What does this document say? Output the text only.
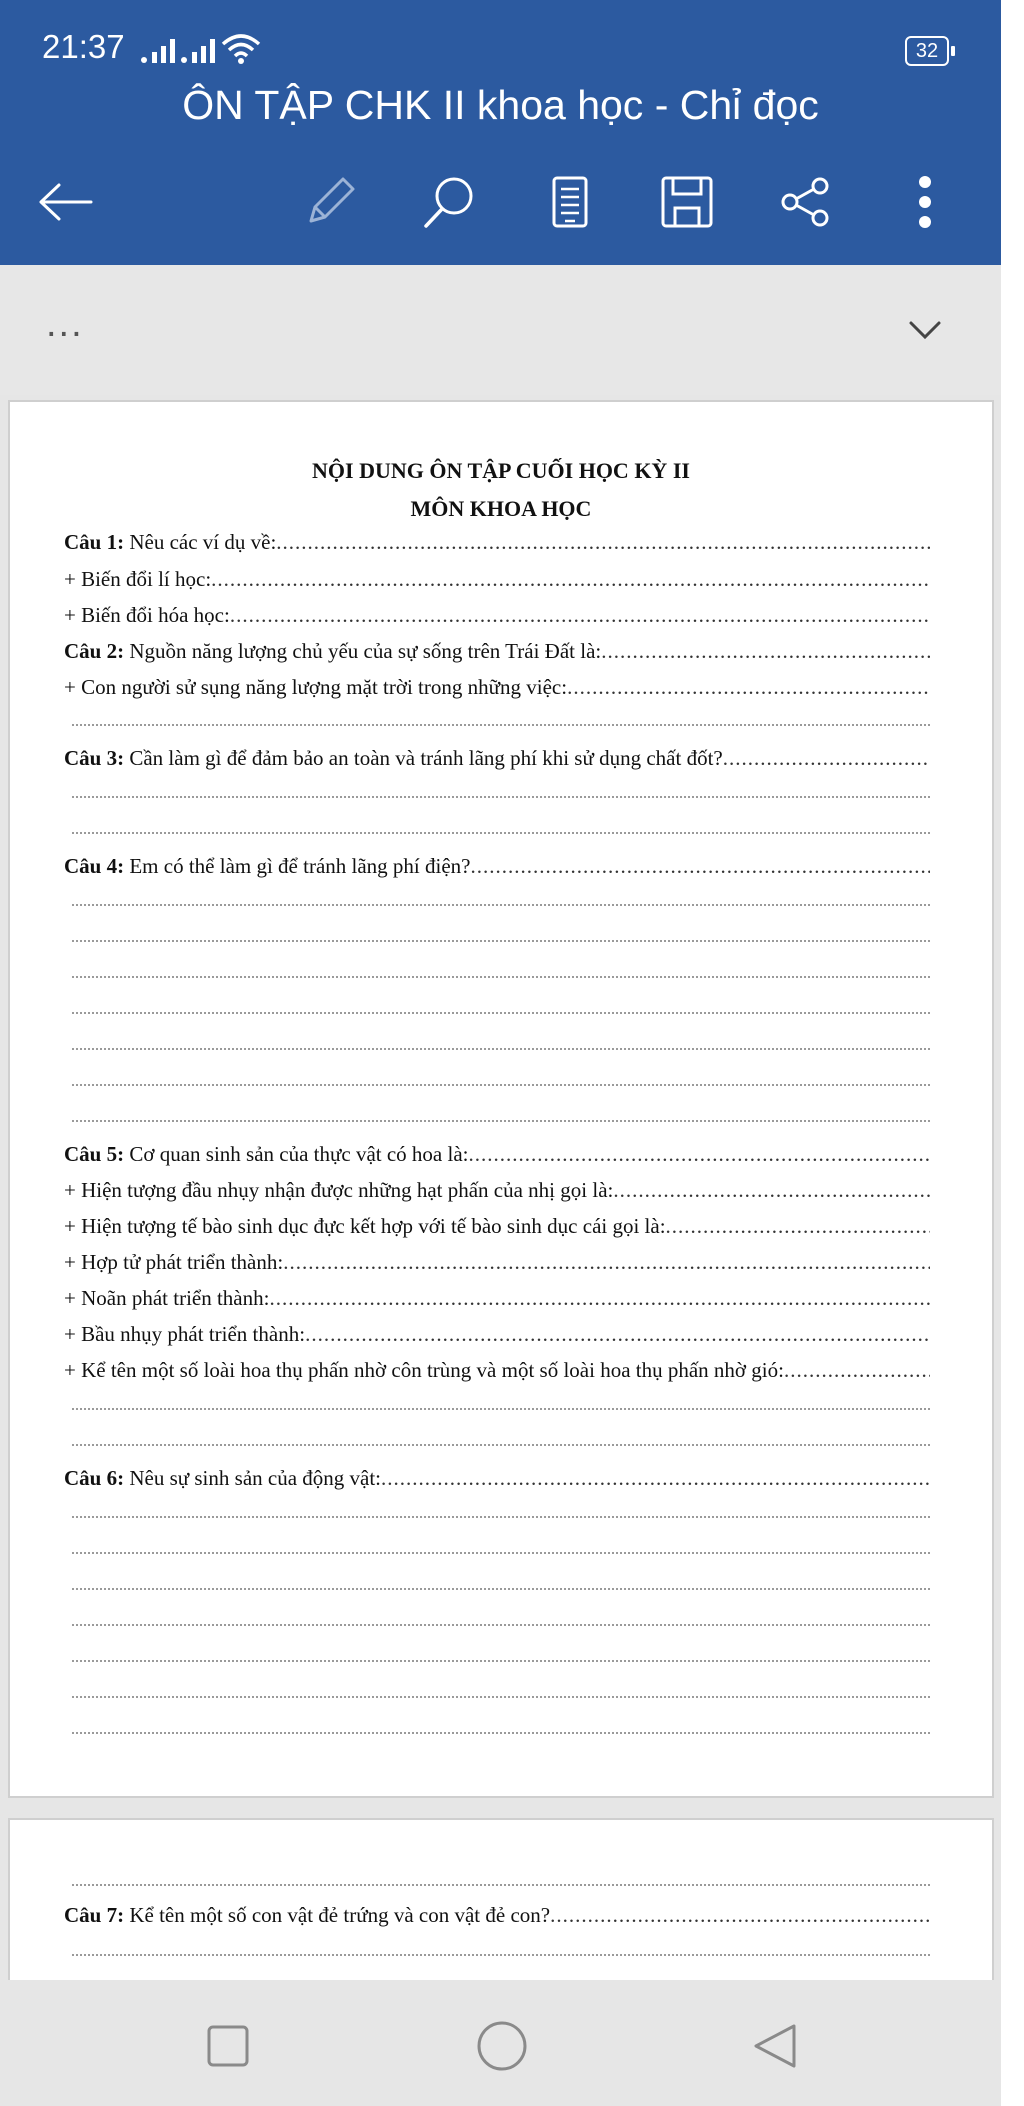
21:37	32
ÔN TẬP CHK II khoa học - Chỉ đọc
...
NỘI DUNG ÔN TẬP CUỐI HỌC KỲ II
MÔN KHOA HỌC
Câu 1: Nêu các ví dụ về: .....
+ Biến đổi lí học: .....
+ Biến đổi hóa học: .....
Câu 2: Nguồn năng lượng chủ yếu của sự sống trên Trái Đất là: .....
+ Con người sử sụng năng lượng mặt trời trong những việc: .....
Câu 3: Cần làm gì để đảm bảo an toàn và tránh lãng phí khi sử dụng chất đốt? .....
Câu 4: Em có thể làm gì để tránh lãng phí điện? .....
Câu 5: Cơ quan sinh sản của thực vật có hoa là: .....
+ Hiện tượng đầu nhụy nhận được những hạt phấn của nhị gọi là: .....
+ Hiện tượng tế bào sinh dục đực kết hợp với tế bào sinh dục cái gọi là: .....
+ Hợp tử phát triển thành: .....
+ Noãn phát triển thành: .....
+ Bầu nhụy phát triển thành: .....
+ Kể tên một số loài hoa thụ phấn nhờ côn trùng và một số loài hoa thụ phấn nhờ gió: .....
Câu 6: Nêu sự sinh sản của động vật: .....
Câu 7: Kể tên một số con vật đẻ trứng và con vật đẻ con? .....
